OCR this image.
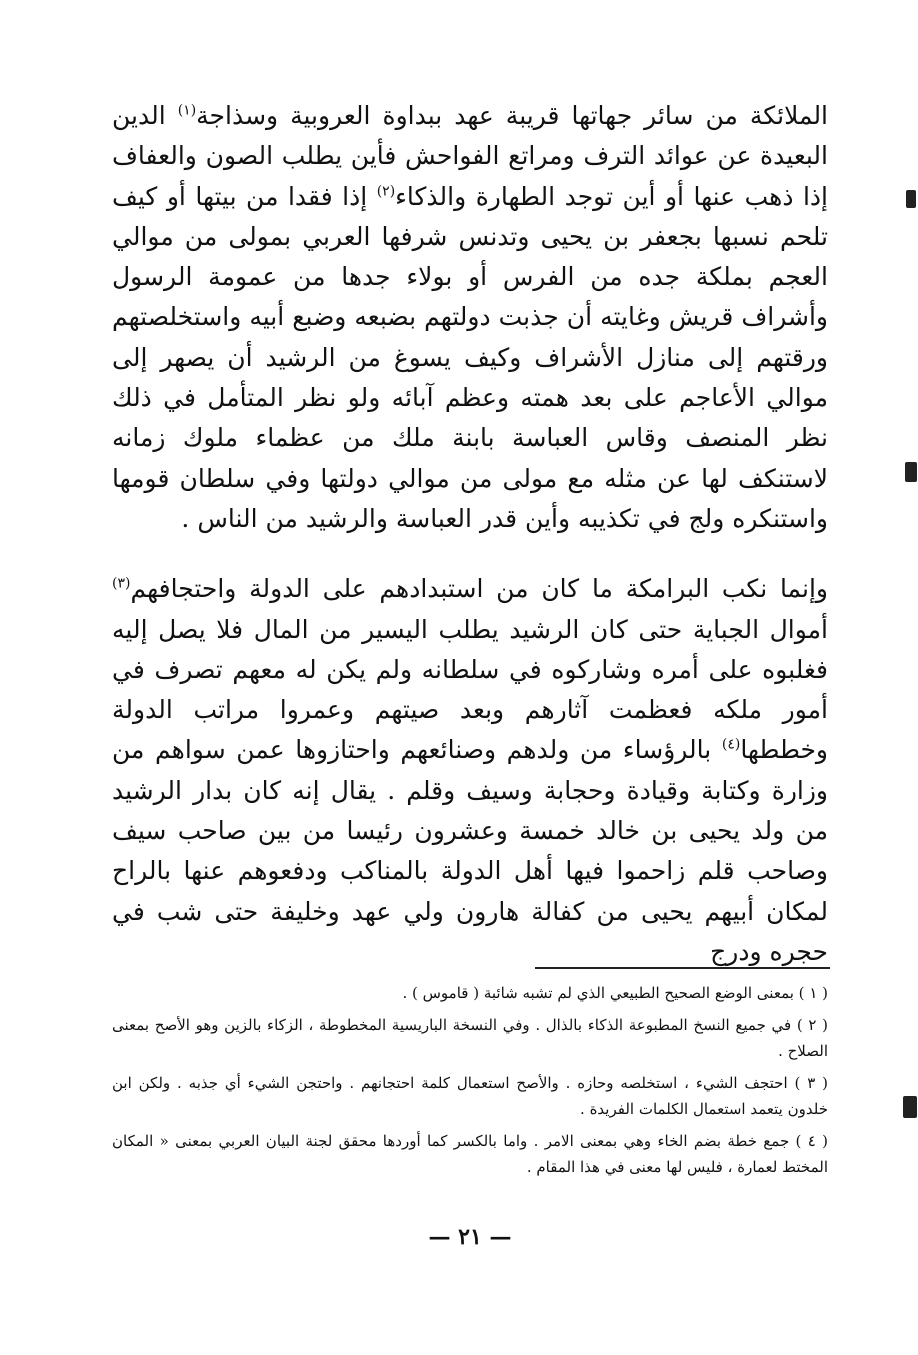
الملائكة من سائر جهاتها قريبة عهد ببداوة العروبية وسذاجة$^{(١)}$ الدين البعيدة عن عوائد الترف ومراتع الفواحش فأين يطلب الصون والعفاف إذا ذهب عنها أو أين توجد الطهارة والذكاء$^{(٢)}$ إذا فقدا من بيتها أو كيف تلحم نسبها بجعفر بن يحيى وتدنس شرفها العربي بمولى من موالي العجم بملكة جده من الفرس أو بولاء جدها من عمومة الرسول وأشراف قريش وغايته أن جذبت دولتهم بضبعه وضبع أبيه واستخلصتهم ورقتهم إلى منازل الأشراف وكيف يسوغ من الرشيد أن يصهر إلى موالي الأعاجم على بعد همته وعظم آبائه ولو نظر المتأمل في ذلك نظر المنصف وقاس العباسة بابنة ملك من عظماء ملوك زمانه لاستنكف لها عن مثله مع مولى من موالي دولتها وفي سلطان قومها واستنكره ولج في تكذيبه وأين قدر العباسة والرشيد من الناس .

وإنما نكب البرامكة ما كان من استبدادهم على الدولة واحتجافهم$^{(٣)}$ أموال الجباية حتى كان الرشيد يطلب اليسير من المال فلا يصل إليه فغلبوه على أمره وشاركوه في سلطانه ولم يكن له معهم تصرف في أمور ملكه فعظمت آثارهم وبعد صيتهم وعمروا مراتب الدولة وخططها$^{(٤)}$ بالرؤساء من ولدهم وصنائعهم واحتازوها عمن سواهم من وزارة وكتابة وقيادة وحجابة وسيف وقلم . يقال إنه كان بدار الرشيد من ولد يحيى بن خالد خمسة وعشرون رئيسا من بين صاحب سيف وصاحب قلم زاحموا فيها أهل الدولة بالمناكب ودفعوهم عنها بالراح لمكان أبيهم يحيى من كفالة هارون ولي عهد وخليفة حتى شب في حجره ودرج

( ١ ) بمعنى الوضع الصحيح الطبيعي الذي لم تشبه شائبة ( قاموس ) .

( ٢ ) في جميع النسخ المطبوعة الذكاء بالذال . وفي النسخة الباريسية المخطوطة ، الزكاء بالزين وهو الأصح بمعنى الصلاح .

( ٣ ) احتجف الشيء ، استخلصه وحازه . والأصح استعمال كلمة احتجانهم . واحتجن الشيء أي جذبه . ولكن ابن خلدون يتعمد استعمال الكلمات الفريدة .

( ٤ ) جمع خطة بضم الخاء وهي بمعنى الامر . واما بالكسر كما أوردها محقق لجنة البيان العربي بمعنى « المكان المختط لعمارة ، فليس لها معنى في هذا المقام .

— ٢١ —
